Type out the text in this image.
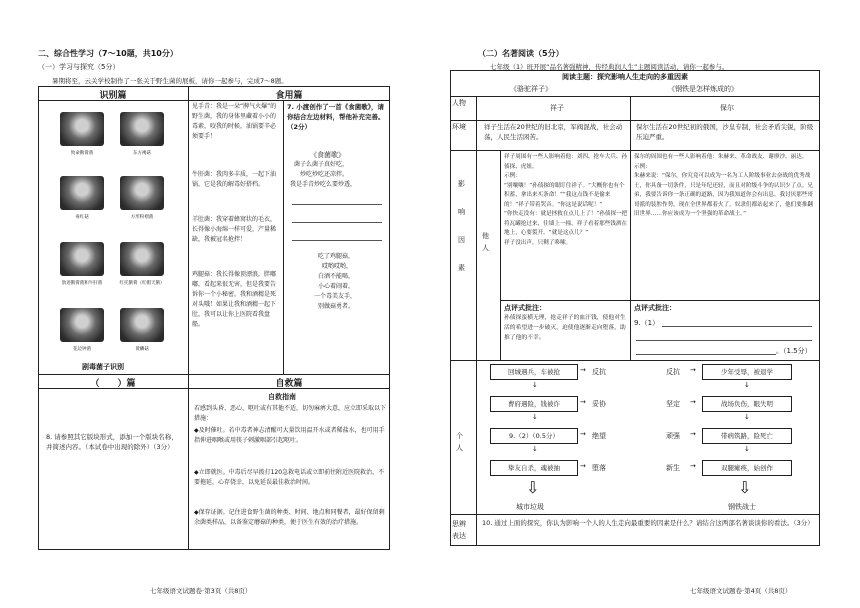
二、综合性学习（7～10题，共10分）
（一）学习与探究（5分）
暑期将至，云关学校制作了一张关于野生菌的展板，请你一起参与，完成7～8题。
识别篇	食用篇
致命鹅膏菌	东方褐菇
毒红菇	方形粉褶菌
肋迹鹅膏菌和牛肝菌	红托鹅膏（红帽天鹅）
花边钟菌	黄鳞菇
剧毒菌子识别
见手青：我是一朵“脾气火爆”的野生菌，我的身体里藏着小小的毒素，咬我的时候，油锅要辛必须要手！
牛肝菌：我肉多丰质，一起下油锅，它是我的解毒好搭档。
羊肚菌：我穿着蜂窝状的毛衣，长得像小海绵一样可爱，产量稀缺，我被冠名抢拌！
鸡腿菇：我长得像顶漂浪，胖嘟嘟，看起来很无害，但是我要告诉你一个小秘密，我和酒精是死对头哦！如果让我和酒精一起下肚，我可以让你上医院看我盘船。
7. 小渡创作了一首《食菌歌》，请你结合左边材料，帮他补充完善。（2分）
《食菌歌》
菌子么菌子真好吃，
炒吃炒吃还凉拌。
我是手青炒吃么要炒透，
吃了鸡腿菇，
哎哟哎哟，
白酒不能喝，
小心着闹着，
一个毒美友手，
别做菇勇者。
（　　）篇	自救篇
8. 请参照其它版块形式，添加一个版块名称，并简述内容。（本试卷中出现的除外）（3分）
自救指南
若感到头昏、恶心、呕吐或有其他不适，切勿麻痹大意，应立即采取以下措施：
◆及时催吐。若中毒者神志清醒可大量饮用温开水或者稀盐水，也可用手指伸进咽喉或用筷子刺激咽部引起呕吐。
◆立即就医。中毒后尽早拨打120急救电话或立即前往附近医院救治，不要拖延，心存侥幸，以免延误最佳救治时间。
◆保存证据。记住进食野生菌的种类、时间、地点和同餐者，最好保留剩余菌类样品，以备鉴定蘑菇的种类，便于医生有效的治疗措施。
七年级语文试题卷·第3页（共8页）
（二）名著阅读（5分）
七年级（1）班开展“品名著强精神，传经典润人生”主题阅读活动，请你一起参与。
阅读主题：探究影响人生走向的多重因素
《骆驼祥子》	《钢铁是怎样炼成的》
人物
祥子	保尔
环境	祥子生活在20世纪的旧北京，军阀混战，社会动荡，人民生活困苦。
保尔生活在20世纪初的俄国，沙皇专制，社会矛盾尖锐，阶级压迫严重。
影响因素
他人
祥子周围有一些人影响着他：刘四、抢车大兵、孙侦探、虎妞。
示例：
“别嚷嚷！”孙侦探的眼盯住祥子。“大概你也有个积蓄，拿出来买条命！”“我这点钱不是偷来的！”祥子带着哭音。“你这是说话呢！”
“你快走没有：就是拯救在点儿上了！”孙侦探一把将瓦罐抢过来，往墙上一撞，祥子看着那些钱洒在地上，心要裂开。“就是这点儿？”
祥子没出声，只剩了哆嗦。
保尔的周围也有一些人影响着他：朱赫来、革命战友、谢廖沙、丽达。
示例：
朱赫来说：“保尔，你究竟可以成为一名为工人阶级事业去奋战的优秀战士，你具备一切条件，只是年纪还轻，而且对阶级斗争的认识少了点。兄弟，我要告诉你一条正确的道路，因为我知道你会有出息。我讨厌那些哥哥派的装腔作势，现在全世界都着火了，奴隶们都站起来了，他们要推翻旧世界……你应该成为一个坚强的革命战士。”
点评式批注：
孙侦探蛮横无理，抢走祥子的血汗钱，使他对生活的希望进一步破灭，迫使他逐渐走向堕落，助推了他的不幸。
点评式批注：
9.（1）
。（1.5分）
个人
回城遇兵，车被抢	→ 反抗
↓
曹府遇险，钱被诈	→ 妥协
↓
9.（2）（0.5分）	→ 绝望
↓
挚友自杀，魂被抽	→ 堕落
⇩
城市垃圾
反抗 →	少年受辱，被退学
↓
坚定 →	战场负伤，眼失明
↓
顽强 →	带病筑路，险死亡
↓
新生 →	双腿瘫痪，始创作
⇩
钢铁战士
思辨表达
10. 通过上面的探究，你认为影响一个人的人生走向最重要的因素是什么？请结合这两部名著谈谈你的看法。（3分）
七年级语文试题卷·第4页（共8页）
